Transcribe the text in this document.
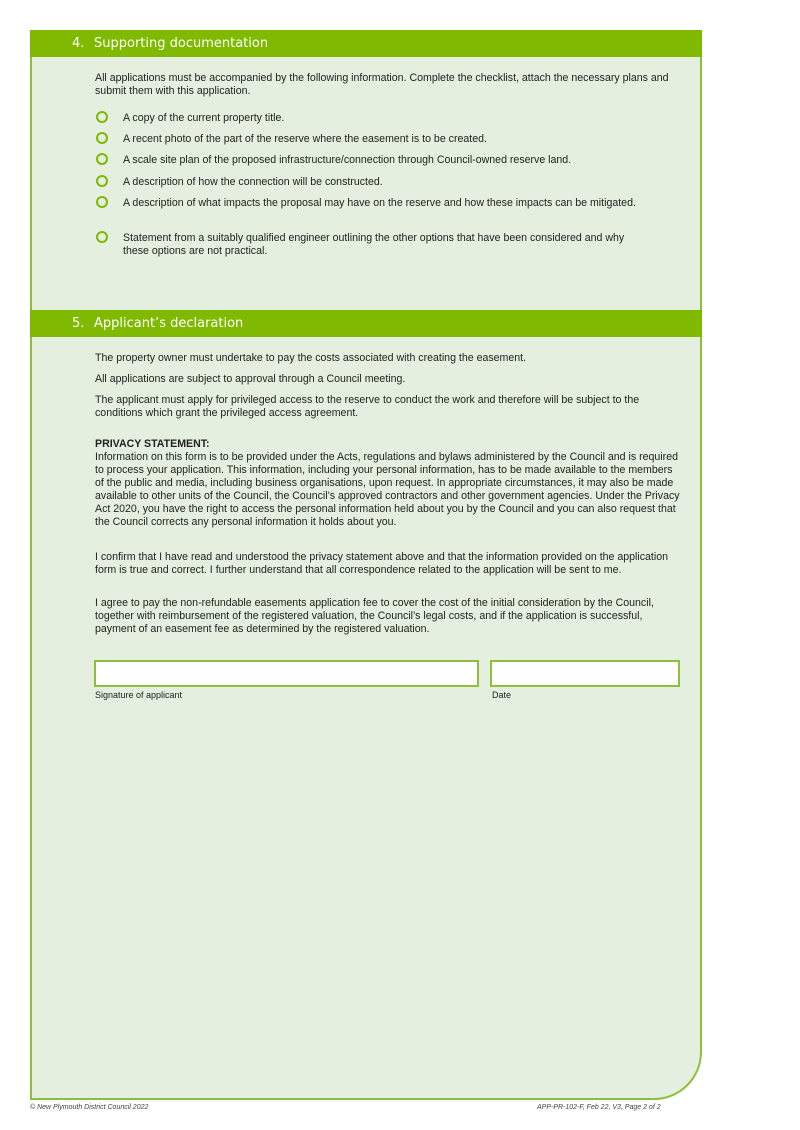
4. Supporting documentation
All applications must be accompanied by the following information. Complete the checklist, attach the necessary plans and submit them with this application.
A copy of the current property title.
A recent photo of the part of the reserve where the easement is to be created.
A scale site plan of the proposed infrastructure/connection through Council-owned reserve land.
A description of how the connection will be constructed.
A description of what impacts the proposal may have on the reserve and how these impacts can be mitigated.
Statement from a suitably qualified engineer outlining the other options that have been considered and why these options are not practical.
5. Applicant’s declaration
The property owner must undertake to pay the costs associated with creating the easement.
All applications are subject to approval through a Council meeting.
The applicant must apply for privileged access to the reserve to conduct the work and therefore will be subject to the conditions which grant the privileged access agreement.
PRIVACY STATEMENT:
Information on this form is to be provided under the Acts, regulations and bylaws administered by the Council and is required to process your application. This information, including your personal information, has to be made available to the members of the public and media, including business organisations, upon request. In appropriate circumstances, it may also be made available to other units of the Council, the Council’s approved contractors and other government agencies. Under the Privacy Act 2020, you have the right to access the personal information held about you by the Council and you can also request that the Council corrects any personal information it holds about you.
I confirm that I have read and understood the privacy statement above and that the information provided on the application form is true and correct. I further understand that all correspondence related to the application will be sent to me.
I agree to pay the non-refundable easements application fee to cover the cost of the initial consideration by the Council, together with reimbursement of the registered valuation, the Council’s legal costs, and if the application is successful, payment of an easement fee as determined by the registered valuation.
Signature of applicant	Date
© New Plymouth District Council 2022	APP-PR-102-F, Feb 22, V3, Page 2 of 2
